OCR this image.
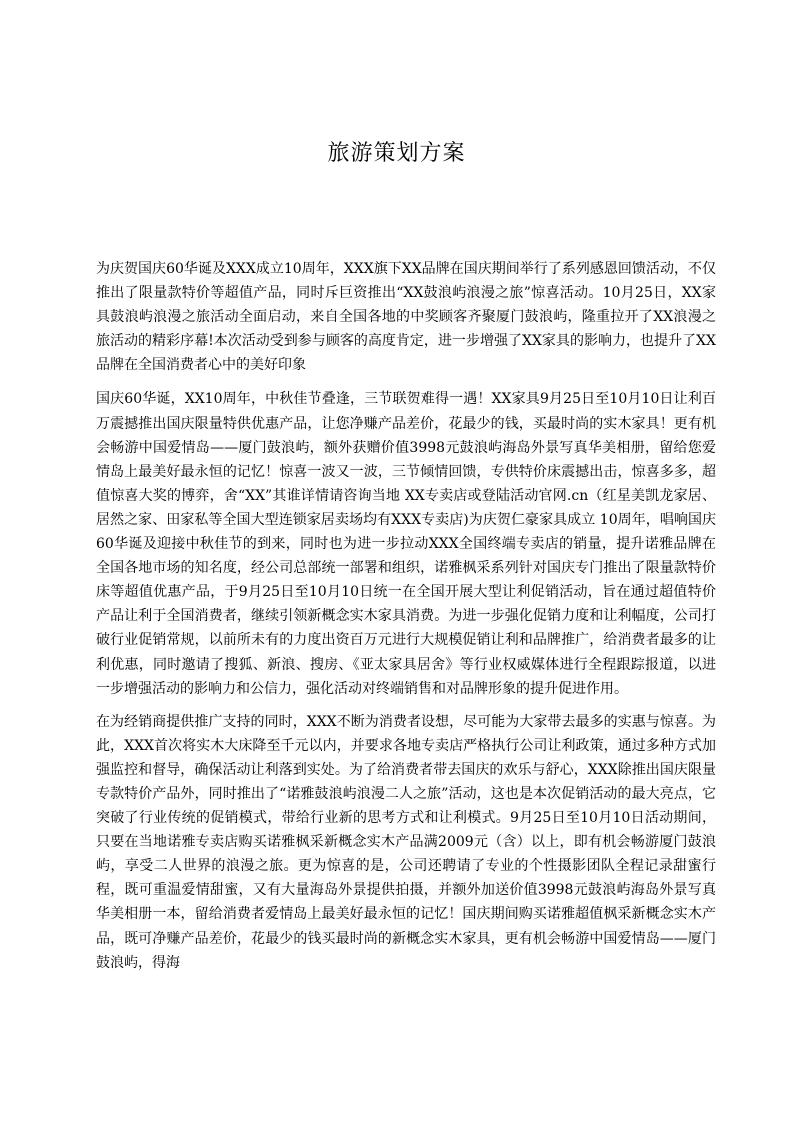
旅游策划方案

为庆贺国庆60华诞及XXX成立10周年，XXX旗下XX品牌在国庆期间举行了系列感恩回馈活动，不仅推出了限量款特价等超值产品，同时斥巨资推出“XX鼓浪屿浪漫之旅”惊喜活动。10月25日，XX家具鼓浪屿浪漫之旅活动全面启动，来自全国各地的中奖顾客齐聚厦门鼓浪屿，隆重拉开了XX浪漫之旅活动的精彩序幕!本次活动受到参与顾客的高度肯定，进一步增强了XX家具的影响力，也提升了XX品牌在全国消费者心中的美好印象

国庆60华诞，XX10周年，中秋佳节叠逢，三节联贺难得一遇！XX家具9月25日至10月10日让利百万震撼推出国庆限量特供优惠产品，让您净赚产品差价，花最少的钱，买最时尚的实木家具！更有机会畅游中国爱情岛——厦门鼓浪屿，额外获赠价值3998元鼓浪屿海岛外景写真华美相册，留给您爱情岛上最美好最永恒的记忆！惊喜一波又一波，三节倾情回馈，专供特价床震撼出击，惊喜多多，超值惊喜大奖的博弈，舍“XX”其谁详情请咨询当地 XX专卖店或登陆活动官网.cn（红星美凯龙家居、居然之家、田家私等全国大型连锁家居卖场均有XXX专卖店)为庆贺仁豪家具成立 10周年，唱响国庆60华诞及迎接中秋佳节的到来，同时也为进一步拉动XXX全国终端专卖店的销量，提升诺雅品牌在全国各地市场的知名度，经公司总部统一部署和组织，诺雅枫采系列针对国庆专门推出了限量款特价床等超值优惠产品，于9月25日至10月10日统一在全国开展大型让利促销活动，旨在通过超值特价产品让利于全国消费者，继续引领新概念实木家具消费。为进一步强化促销力度和让利幅度，公司打破行业促销常规，以前所未有的力度出资百万元进行大规模促销让利和品牌推广，给消费者最多的让利优惠，同时邀请了搜狐、新浪、搜房、《亚太家具居舍》等行业权威媒体进行全程跟踪报道，以进一步增强活动的影响力和公信力，强化活动对终端销售和对品牌形象的提升促进作用。

在为经销商提供推广支持的同时，XXX不断为消费者设想，尽可能为大家带去最多的实惠与惊喜。为此，XXX首次将实木大床降至千元以内，并要求各地专卖店严格执行公司让利政策，通过多种方式加强监控和督导，确保活动让利落到实处。为了给消费者带去国庆的欢乐与舒心，XXX除推出国庆限量专款特价产品外，同时推出了“诺雅鼓浪屿浪漫二人之旅”活动，这也是本次促销活动的最大亮点，它突破了行业传统的促销模式，带给行业新的思考方式和让利模式。9月25日至10月10日活动期间，只要在当地诺雅专卖店购买诺雅枫采新概念实木产品满2009元（含）以上，即有机会畅游厦门鼓浪屿，享受二人世界的浪漫之旅。更为惊喜的是，公司还聘请了专业的个性摄影团队全程记录甜蜜行程，既可重温爱情甜蜜，又有大量海岛外景提供拍摄，并额外加送价值3998元鼓浪屿海岛外景写真华美相册一本，留给消费者爱情岛上最美好最永恒的记忆！国庆期间购买诺雅超值枫采新概念实木产品，既可净赚产品差价，花最少的钱买最时尚的新概念实木家具，更有机会畅游中国爱情岛——厦门鼓浪屿，得海
